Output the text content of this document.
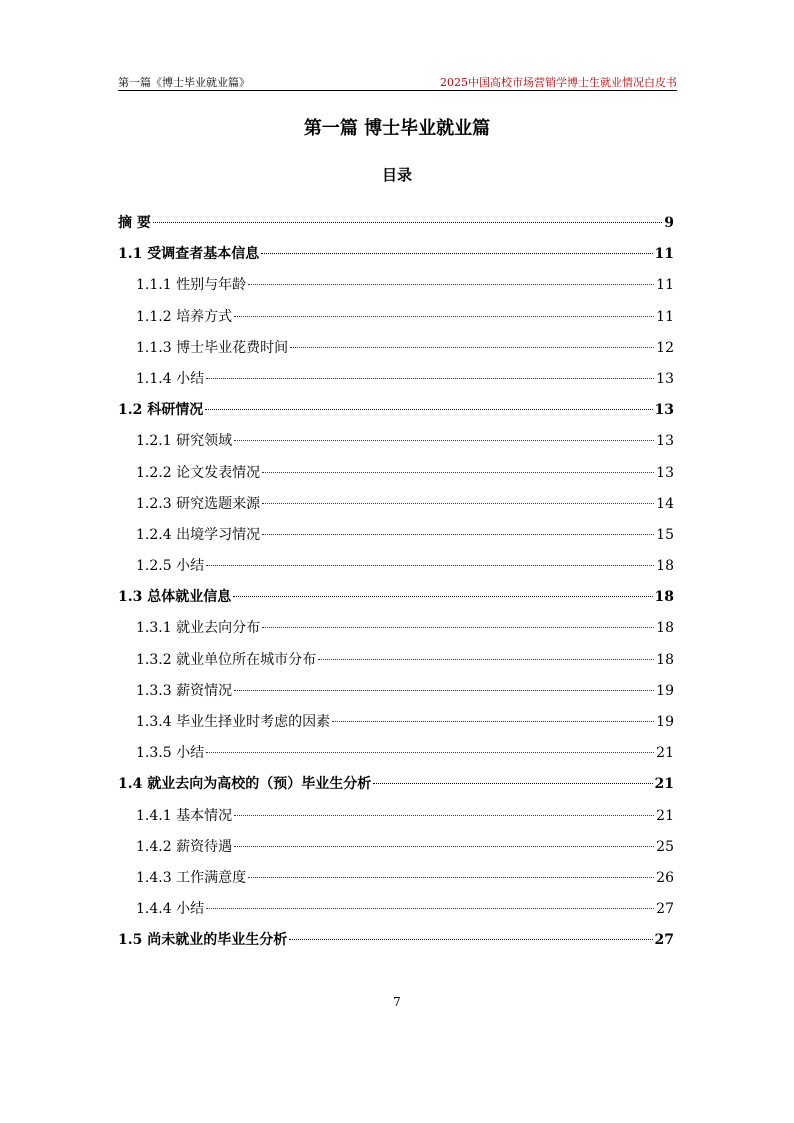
第一篇《博士毕业就业篇》	2025中国高校市场营销学博士生就业情况白皮书
第一篇 博士毕业就业篇
目录
摘 要	9
1.1 受调查者基本信息	11
1.1.1 性别与年龄	11
1.1.2 培养方式	11
1.1.3 博士毕业花费时间	12
1.1.4 小结	13
1.2 科研情况	13
1.2.1 研究领域	13
1.2.2 论文发表情况	13
1.2.3 研究选题来源	14
1.2.4 出境学习情况	15
1.2.5 小结	18
1.3 总体就业信息	18
1.3.1 就业去向分布	18
1.3.2 就业单位所在城市分布	18
1.3.3 薪资情况	19
1.3.4 毕业生择业时考虑的因素	19
1.3.5 小结	21
1.4 就业去向为高校的（预）毕业生分析	21
1.4.1 基本情况	21
1.4.2 薪资待遇	25
1.4.3 工作满意度	26
1.4.4 小结	27
1.5 尚未就业的毕业生分析	27
7
